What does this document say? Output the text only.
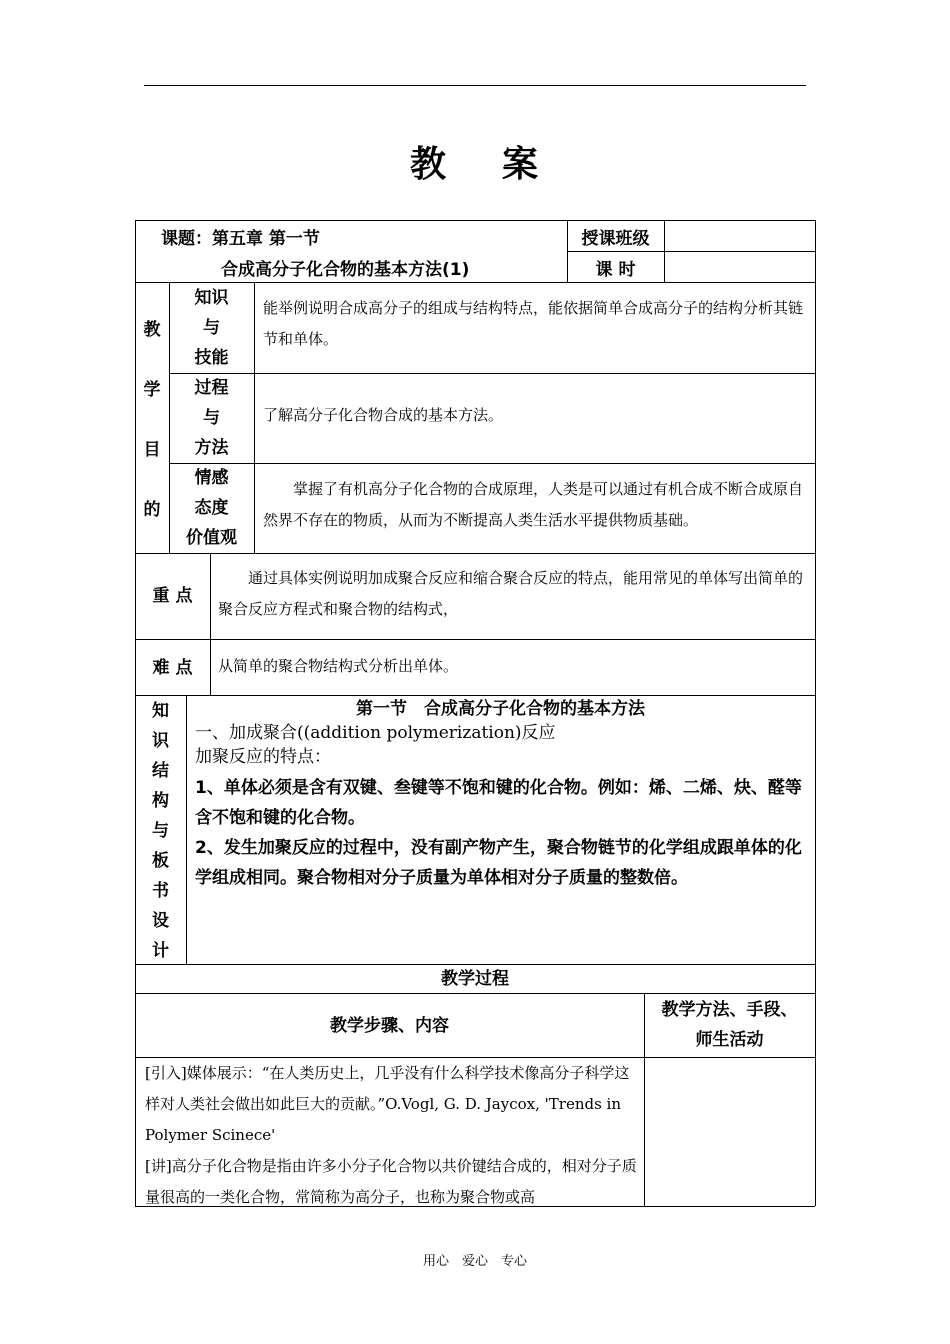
教 案
课题：第五章 第一节
合成高分子化合物的基本方法(1)
授课班级
课 时
教
学
目
的
知识
与
技能
能举例说明合成高分子的组成与结构特点，能依据简单合成高分子的结构分析其链节和单体。
过程
与
方法
了解高分子化合物合成的基本方法。
情感
态度
价值观
掌握了有机高分子化合物的合成原理，人类是可以通过有机合成不断合成原自然界不存在的物质，从而为不断提高人类生活水平提供物质基础。
重 点
通过具体实例说明加成聚合反应和缩合聚合反应的特点，能用常见的单体写出简单的聚合反应方程式和聚合物的结构式，
难 点	从简单的聚合物结构式分析出单体。
知
识
结
构
与
板
书
设
计
第一节　合成高分子化合物的基本方法
一、加成聚合((addition polymerization)反应
加聚反应的特点：
1、单体必须是含有双键、叁键等不饱和键的化合物。例如：烯、二烯、炔、醛等含不饱和键的化合物。
2、发生加聚反应的过程中，没有副产物产生，聚合物链节的化学组成跟单体的化学组成相同。聚合物相对分子质量为单体相对分子质量的整数倍。
教学过程
教学步骤、内容
教学方法、手段、
师生活动
[引入]媒体展示：“在人类历史上，几乎没有什么科学技术像高分子科学这样对人类社会做出如此巨大的贡献。”O.Vogl, G. D. Jaycox, 'Trends in Polymer Scinece'
[讲]高分子化合物是指由许多小分子化合物以共价键结合成的，相对分子质量很高的一类化合物，常简称为高分子，也称为聚合物或高
用心　爱心　专心
